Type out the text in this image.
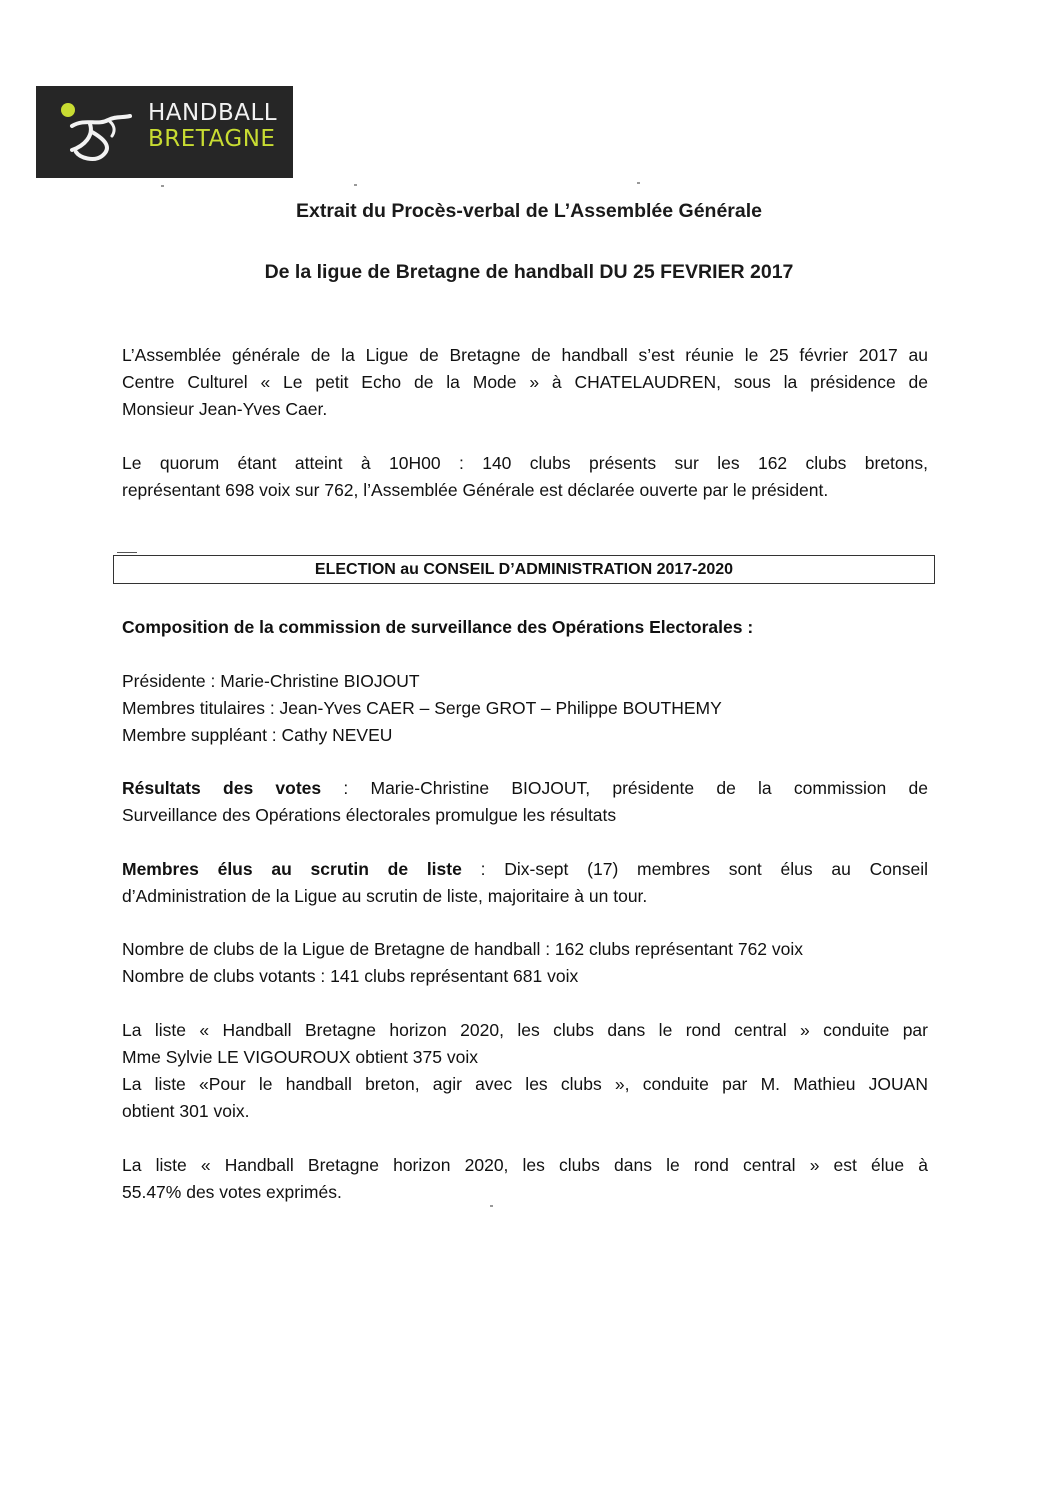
HANDBALL
BRETAGNE
Extrait du Procès-verbal de L’Assemblée Générale
De la ligue de Bretagne de handball DU 25 FEVRIER 2017

L’Assemblée générale de la Ligue de Bretagne de handball s’est réunie le 25 février 2017 au
Centre Culturel « Le petit Echo de la Mode » à CHATELAUDREN, sous la présidence de
Monsieur Jean-Yves Caer.

Le quorum étant atteint à 10H00 : 140 clubs présents sur les 162 clubs bretons,
représentant 698 voix sur 762, l’Assemblée Générale est déclarée ouverte par le président.

ELECTION au CONSEIL D’ADMINISTRATION 2017-2020
Composition de la commission de surveillance des Opérations Electorales :

Présidente : Marie-Christine BIOJOUT
Membres titulaires : Jean-Yves CAER – Serge GROT – Philippe BOUTHEMY
Membre suppléant : Cathy NEVEU

Résultats des votes : Marie-Christine BIOJOUT, présidente de la commission de
Surveillance des Opérations électorales promulgue les résultats

Membres élus au scrutin de liste : Dix-sept (17) membres sont élus au Conseil
d’Administration de la Ligue au scrutin de liste, majoritaire à un tour.

Nombre de clubs de la Ligue de Bretagne de handball : 162 clubs représentant 762 voix
Nombre de clubs votants : 141 clubs représentant 681 voix

La liste « Handball Bretagne horizon 2020, les clubs dans le rond central » conduite par
Mme Sylvie LE VIGOUROUX obtient 375 voix
La liste «Pour le handball breton, agir avec les clubs », conduite par M. Mathieu JOUAN
obtient 301 voix.

La liste « Handball Bretagne horizon 2020, les clubs dans le rond central » est élue à
55.47% des votes exprimés.
